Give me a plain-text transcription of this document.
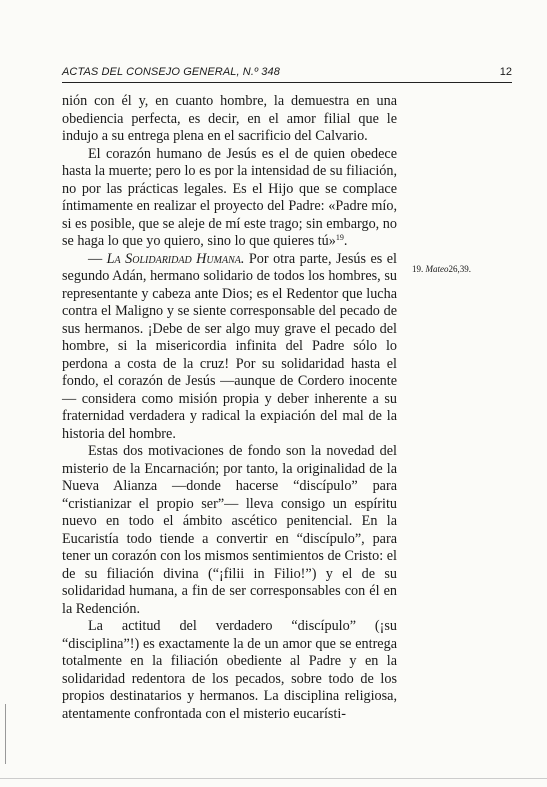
ACTAS DEL CONSEJO GENERAL, N.º 348	12

nión con él y, en cuanto hombre, la demuestra en una obediencia perfecta, es decir, en el amor filial que le indujo a su entrega plena en el sacrificio del Calvario.

El corazón humano de Jesús es el de quien obedece hasta la muerte; pero lo es por la intensidad de su filiación, no por las prácticas legales. Es el Hijo que se complace íntimamente en realizar el proyecto del Padre: «Padre mío, si es posible, que se aleje de mí este trago; sin embargo, no se haga lo que yo quiero, sino lo que quieres tú»$^{19}$.

— La Solidaridad Humana. Por otra parte, Jesús es el segundo Adán, hermano solidario de todos los hombres, su representante y cabeza ante Dios; es el Redentor que lucha contra el Maligno y se siente corresponsable del pecado de sus hermanos. ¡Debe de ser algo muy grave el pecado del hombre, si la misericordia infinita del Padre sólo lo perdona a costa de la cruz! Por su solidaridad hasta el fondo, el corazón de Jesús —aunque de Cordero inocente— considera como misión propia y deber inherente a su fraternidad verdadera y radical la expiación del mal de la historia del hombre.

Estas dos motivaciones de fondo son la novedad del misterio de la Encarnación; por tanto, la originalidad de la Nueva Alianza —donde hacerse “discípulo” para “cristianizar el propio ser”— lleva consigo un espíritu nuevo en todo el ámbito ascético penitencial. En la Eucaristía todo tiende a convertir en “discípulo”, para tener un corazón con los mismos sentimientos de Cristo: el de su filiación divina (“¡filii in Filio!”) y el de su solidaridad humana, a fin de ser corresponsables con él en la Redención.

La actitud del verdadero “discípulo” (¡su “disciplina”!) es exactamente la de un amor que se entrega totalmente en la filiación obediente al Padre y en la solidaridad redentora de los pecados, sobre todo de los propios destinatarios y hermanos. La disciplina religiosa, atentamente confrontada con el misterio eucarísti-

19. Mateo26,39.
